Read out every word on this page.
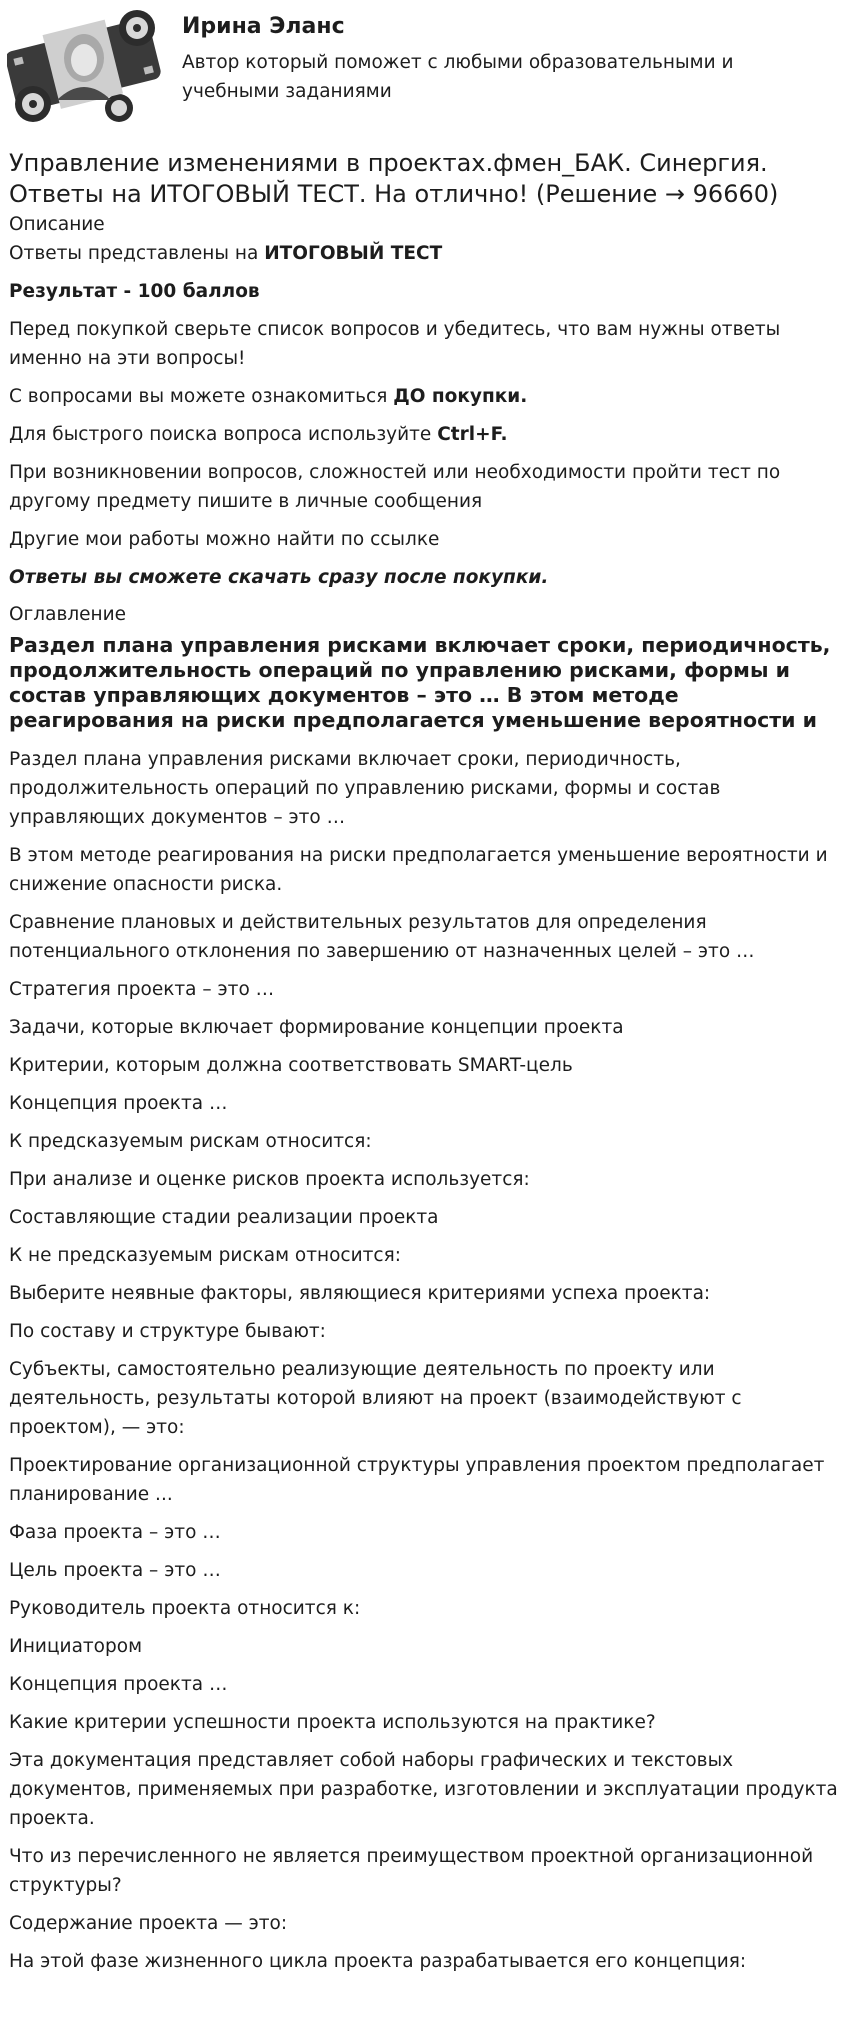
Ирина Эланс
Автор который поможет с любыми образовательными и учебными заданиями
Управление изменениями в проектах.фмен_БАК. Синергия. Ответы на ИТОГОВЫЙ ТЕСТ. На отлично! (Решение → 96660)
Описание

Ответы представлены на ИТОГОВЫЙ ТЕСТ

Результат - 100 баллов

Перед покупкой сверьте список вопросов и убедитесь, что вам нужны ответы именно на эти вопросы!

С вопросами вы можете ознакомиться ДО покупки.

Для быстрого поиска вопроса используйте Ctrl+F.

При возникновении вопросов, сложностей или необходимости пройти тест по другому предмету пишите в личные сообщения

Другие мои работы можно найти по ссылке

Ответы вы сможете скачать сразу после покупки.

Оглавление
Раздел плана управления рисками включает сроки, периодичность, продолжительность операций по управлению рисками, формы и состав управляющих документов – это … В этом методе реагирования на риски предполагается уменьшение вероятности и

Раздел плана управления рисками включает сроки, периодичность, продолжительность операций по управлению рисками, формы и состав управляющих документов – это …

В этом методе реагирования на риски предполагается уменьшение вероятности и снижение опасности риска.

Сравнение плановых и действительных результатов для определения потенциального отклонения по завершению от назначенных целей – это …

Стратегия проекта – это …

Задачи, которые включает формирование концепции проекта

Критерии, которым должна соответствовать SMART-цель

Концепция проекта …

К предсказуемым рискам относится:

При анализе и оценке рисков проекта используется:

Составляющие стадии реализации проекта

К не предсказуемым рискам относится:

Выберите неявные факторы, являющиеся критериями успеха проекта:

По составу и структуре бывают:

Субъекты, самостоятельно реализующие деятельность по проекту или деятельность, результаты которой влияют на проект (взаимодействуют с проектом), — это:

Проектирование организационной структуры управления проектом предполагает планирование ...

Фаза проекта – это …

Цель проекта – это …

Руководитель проекта относится к:

Инициатором

Концепция проекта …

Какие критерии успешности проекта используются на практике?

Эта документация представляет собой наборы графических и текстовых документов, применяемых при разработке, изготовлении и эксплуатации продукта проекта.

Что из перечисленного не является преимуществом проектной организационной структуры?

Содержание проекта — это:

На этой фазе жизненного цикла проекта разрабатывается его концепция:
